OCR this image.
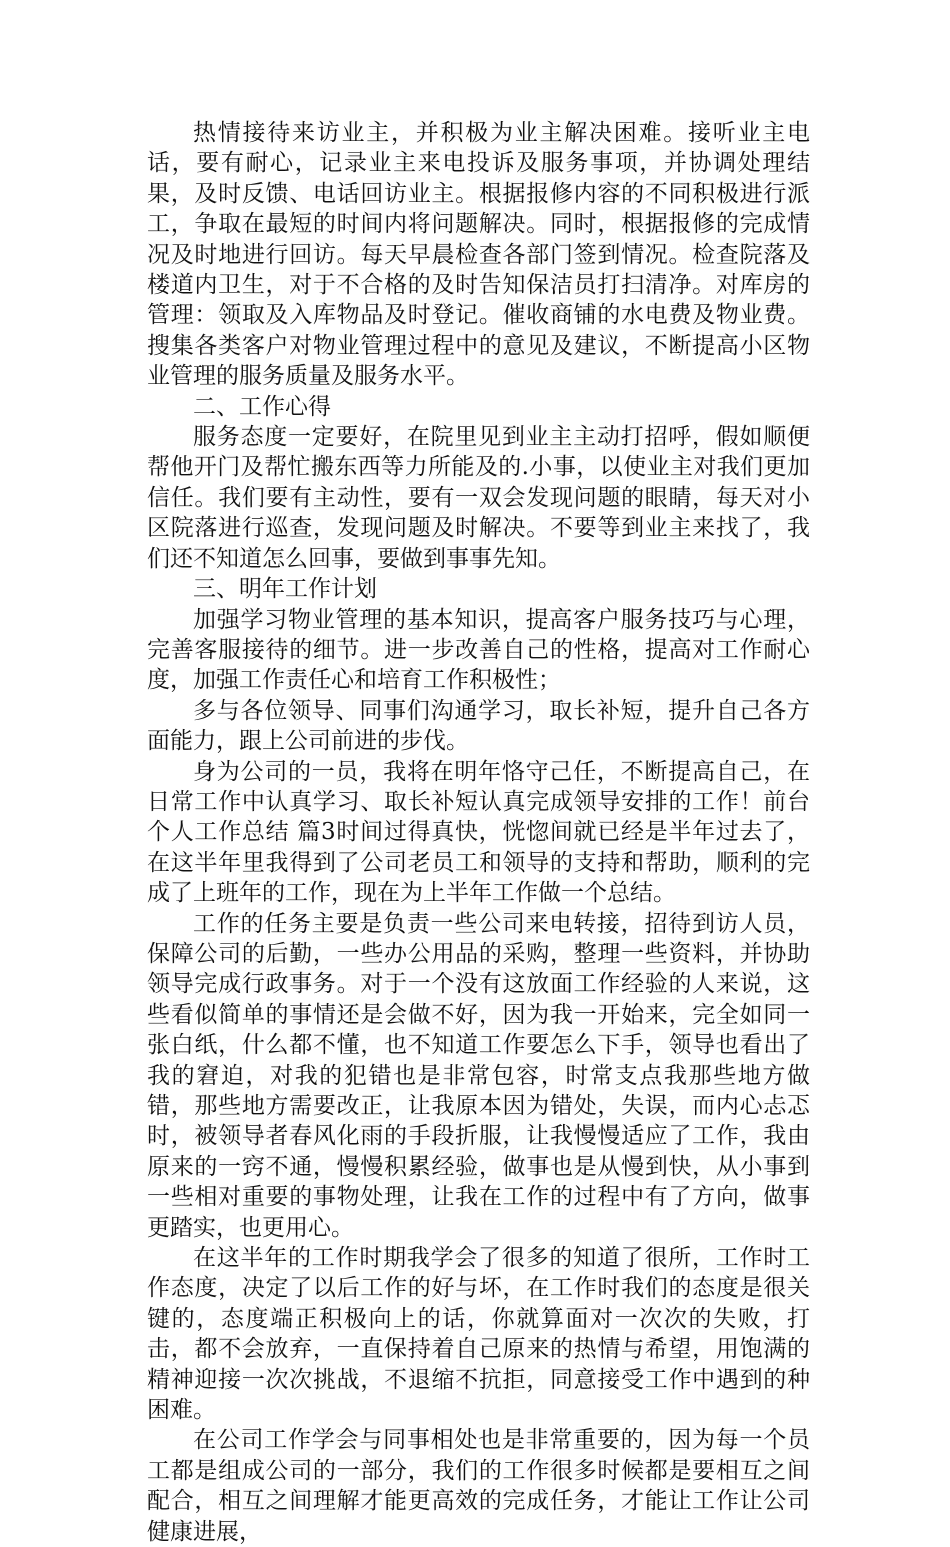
热情接待来访业主，并积极为业主解决困难。接听业主电话，要有耐心，记录业主来电投诉及服务事项，并协调处理结果，及时反馈、电话回访业主。根据报修内容的不同积极进行派工，争取在最短的时间内将问题解决。同时，根据报修的完成情况及时地进行回访。每天早晨检查各部门签到情况。检查院落及楼道内卫生，对于不合格的及时告知保洁员打扫清净。对库房的管理：领取及入库物品及时登记。催收商铺的水电费及物业费。搜集各类客户对物业管理过程中的意见及建议，不断提高小区物业管理的服务质量及服务水平。

二、工作心得

服务态度一定要好，在院里见到业主主动打招呼，假如顺便帮他开门及帮忙搬东西等力所能及的.小事，以使业主对我们更加信任。我们要有主动性，要有一双会发现问题的眼睛，每天对小区院落进行巡查，发现问题及时解决。不要等到业主来找了，我们还不知道怎么回事，要做到事事先知。

三、明年工作计划

加强学习物业管理的基本知识，提高客户服务技巧与心理，完善客服接待的细节。进一步改善自己的性格，提高对工作耐心度，加强工作责任心和培育工作积极性；

多与各位领导、同事们沟通学习，取长补短，提升自己各方面能力，跟上公司前进的步伐。

身为公司的一员，我将在明年恪守己任，不断提高自己，在日常工作中认真学习、取长补短认真完成领导安排的工作！前台个人工作总结 篇3时间过得真快，恍惚间就已经是半年过去了，在这半年里我得到了公司老员工和领导的支持和帮助，顺利的完成了上班年的工作，现在为上半年工作做一个总结。

工作的任务主要是负责一些公司来电转接，招待到访人员，保障公司的后勤，一些办公用品的采购，整理一些资料，并协助领导完成行政事务。对于一个没有这放面工作经验的人来说，这些看似简单的事情还是会做不好，因为我一开始来，完全如同一张白纸，什么都不懂，也不知道工作要怎么下手，领导也看出了我的窘迫，对我的犯错也是非常包容，时常支点我那些地方做错，那些地方需要改正，让我原本因为错处，失误，而内心忐忑时，被领导者春风化雨的手段折服，让我慢慢适应了工作，我由原来的一窍不通，慢慢积累经验，做事也是从慢到快，从小事到一些相对重要的事物处理，让我在工作的过程中有了方向，做事更踏实，也更用心。

在这半年的工作时期我学会了很多的知道了很所，工作时工作态度，决定了以后工作的好与坏，在工作时我们的态度是很关键的，态度端正积极向上的话，你就算面对一次次的失败，打击，都不会放弃，一直保持着自己原来的热情与希望，用饱满的精神迎接一次次挑战，不退缩不抗拒，同意接受工作中遇到的种困难。

在公司工作学会与同事相处也是非常重要的，因为每一个员工都是组成公司的一部分，我们的工作很多时候都是要相互之间配合，相互之间理解才能更高效的完成任务，才能让工作让公司健康进展，
